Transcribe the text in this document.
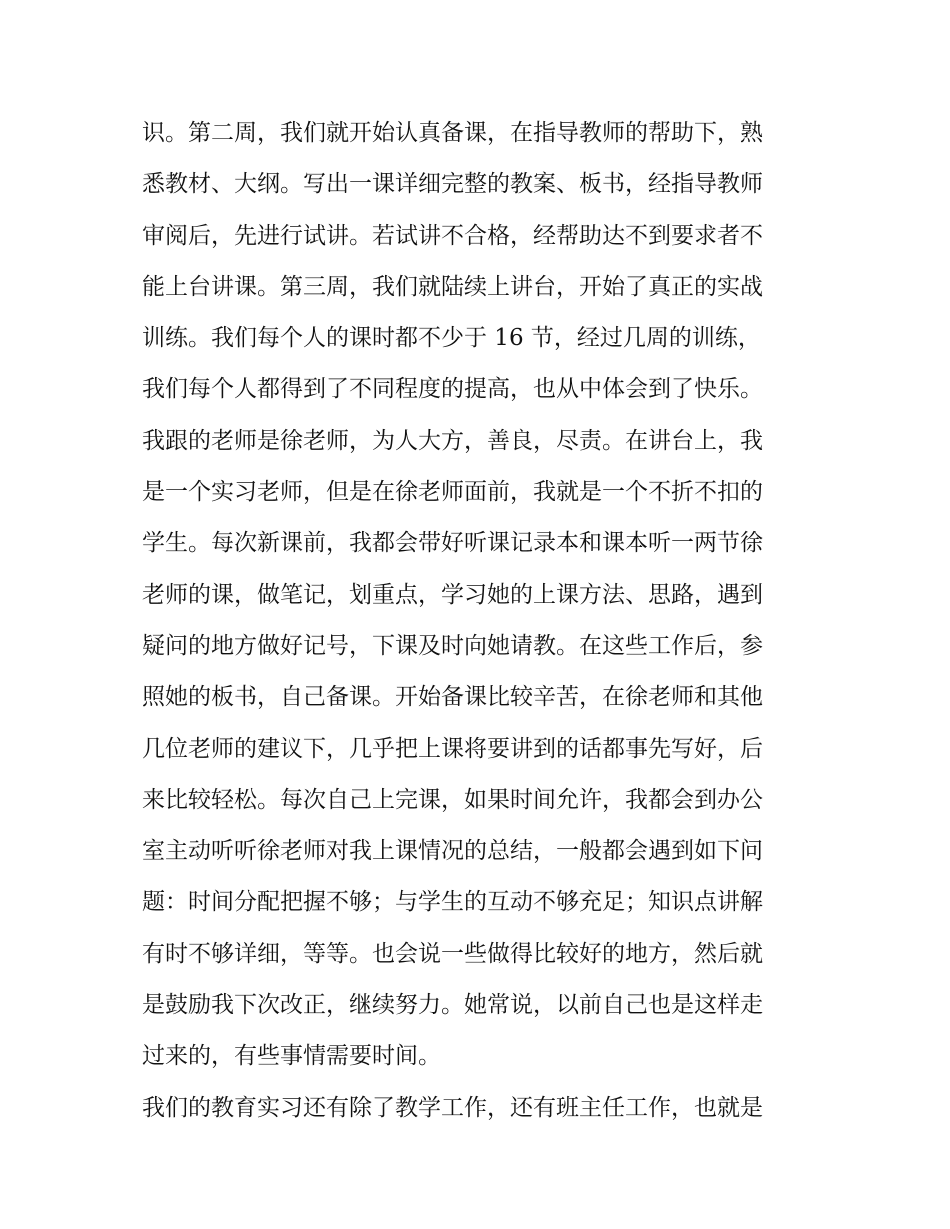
识。第二周，我们就开始认真备课，在指导教师的帮助下，熟
悉教材、大纲。写出一课详细完整的教案、板书，经指导教师
审阅后，先进行试讲。若试讲不合格，经帮助达不到要求者不
能上台讲课。第三周，我们就陆续上讲台，开始了真正的实战
训练。我们每个人的课时都不少于 16 节，经过几周的训练，
我们每个人都得到了不同程度的提高，也从中体会到了快乐。
我跟的老师是徐老师，为人大方，善良，尽责。在讲台上，我
是一个实习老师，但是在徐老师面前，我就是一个不折不扣的
学生。每次新课前，我都会带好听课记录本和课本听一两节徐
老师的课，做笔记，划重点，学习她的上课方法、思路，遇到
疑问的地方做好记号，下课及时向她请教。在这些工作后，参
照她的板书，自己备课。开始备课比较辛苦，在徐老师和其他
几位老师的建议下，几乎把上课将要讲到的话都事先写好，后
来比较轻松。每次自己上完课，如果时间允许，我都会到办公
室主动听听徐老师对我上课情况的总结，一般都会遇到如下问
题：时间分配把握不够；与学生的互动不够充足；知识点讲解
有时不够详细，等等。也会说一些做得比较好的地方，然后就
是鼓励我下次改正，继续努力。她常说，以前自己也是这样走
过来的，有些事情需要时间。
我们的教育实习还有除了教学工作，还有班主任工作，也就是
